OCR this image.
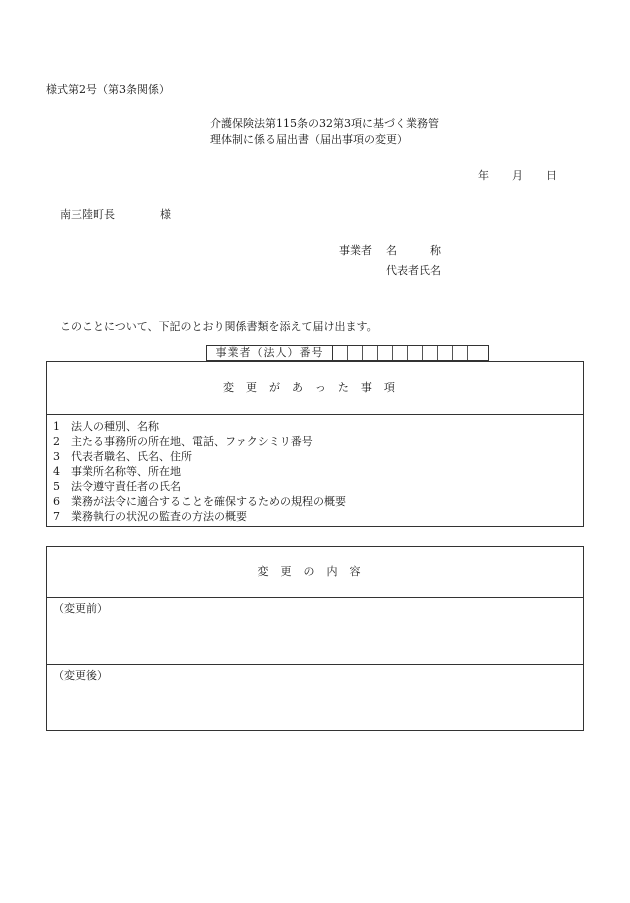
様式第2号（第3条関係）
介護保険法第115条の32第3項に基づく業務管
理体制に係る届出書（届出事項の変更）
年 月 日
南三陸町長	様
事業者	名　　　称
代表者氏名
このことについて、下記のとおり関係書類を添えて届け出ます。
事業者（法人）番号
変更があった事項
1 法人の種別、名称
2 主たる事務所の所在地、電話、ファクシミリ番号
3 代表者職名、氏名、住所
4 事業所名称等、所在地
5 法令遵守責任者の氏名
6 業務が法令に適合することを確保するための規程の概要
7 業務執行の状況の監査の方法の概要
変更の内容
（変更前）
（変更後）
